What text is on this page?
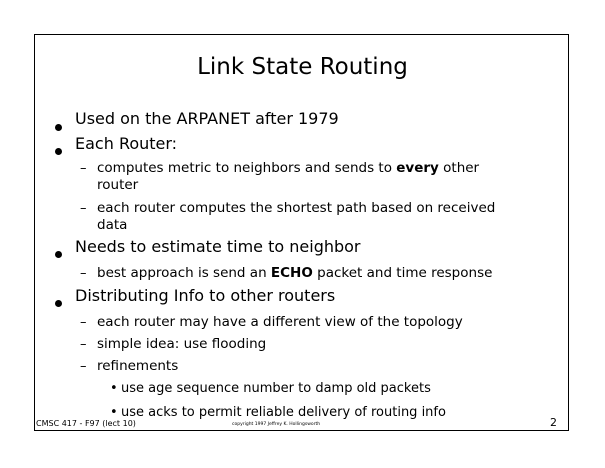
Link State Routing
Used on the ARPANET after 1979
Each Router:
– computes metric to neighbors and sends to every other
router
– each router computes the shortest path based on received
data
Needs to estimate time to neighbor
– best approach is send an ECHO packet and time response
Distributing Info to other routers
– each router may have a different view of the topology
– simple idea: use flooding
– refinements
• use age sequence number to damp old packets
• use acks to permit reliable delivery of routing info
CMSC 417 - F97 (lect 10)	copyright 1997 Jeffrey K. Hollingsworth	2
